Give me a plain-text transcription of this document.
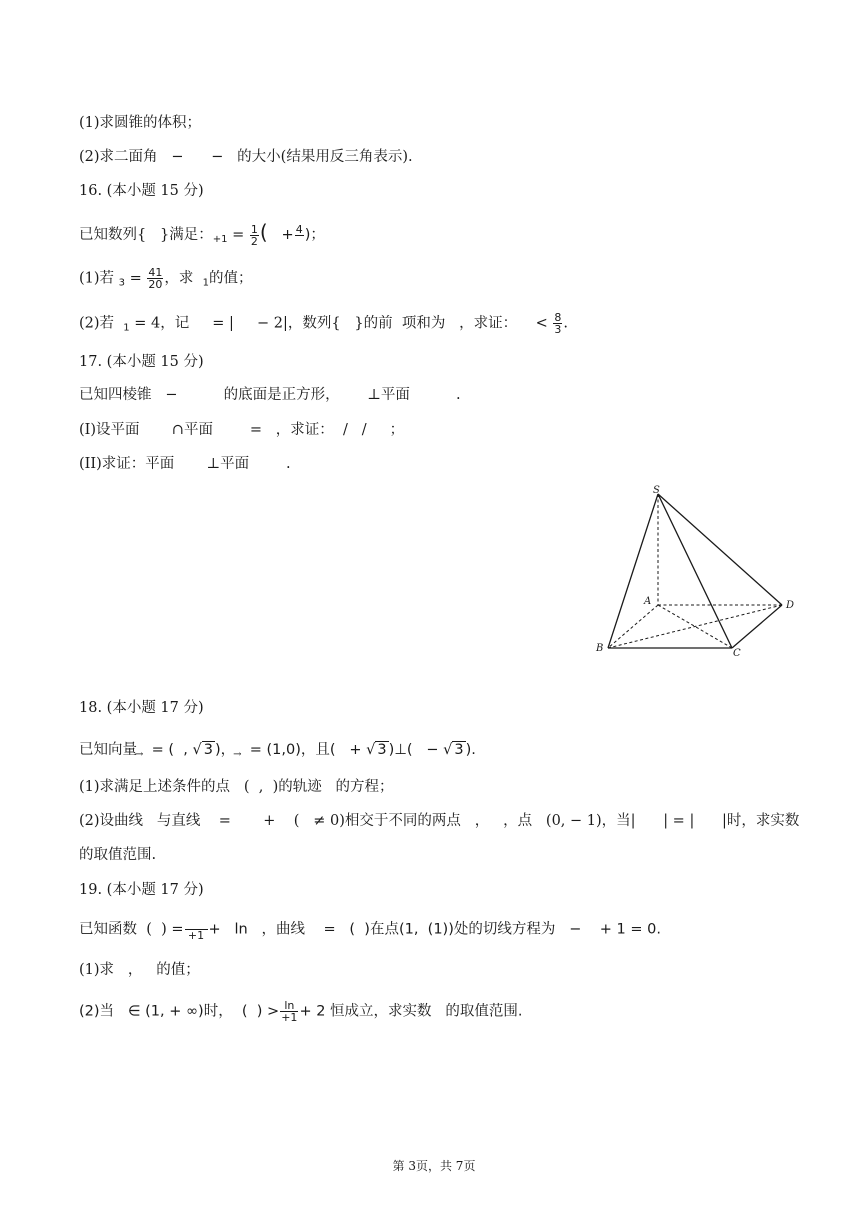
(1)求圆锥的体积；
(2)求二面角 − − 的大小(结果用反三角表示).
16. (本小题 15 分)
已知数列{   }满足：$_{+1} = \frac{1}{2}$ (   + 4
)；
(1)若 $_3 = \frac{41}{20}$ ，求 $_1$的值；
(2)若 $_1$ = 4，记     = |     − 2|，数列{   }的前  项和为   ，求证：    < $\frac{8}{3}$ .
17. (本小题 15 分)
已知四棱锥   −          的底面是正方形，      ⊥平面          .
(I)设平面       ∩平面        =   ，求证：  /   /     ；
(II)求证：平面       ⊥平面        .
S
A
B	C
D
18. (本小题 17 分)
已知向量 = (  , √ 3 )， = (1,0)，且(   + √ 3 )⊥(   − √ 3 ).
(1)求满足上述条件的点   (  ,  )的轨迹   的方程；
(2)设曲线   与直线    =       +    (   ≠ 0)相交于不同的两点   ，   ，点   (0, − 1)，当|      | = |      |时，求实数
的取值范围.
19. (本小题 17 分)
已知函数  (  ) =
+1 +   ln   ，曲线    =   (  )在点(1,  (1))处的切线方程为   −    + 1 = 0.
(1)求   ，   的值；
(2)当   ∈ (1, + ∞)时，  (  ) > $\frac{\ln}{+1} + 2$ 恒成立，求实数   的取值范围.
第 3页，共 7页
